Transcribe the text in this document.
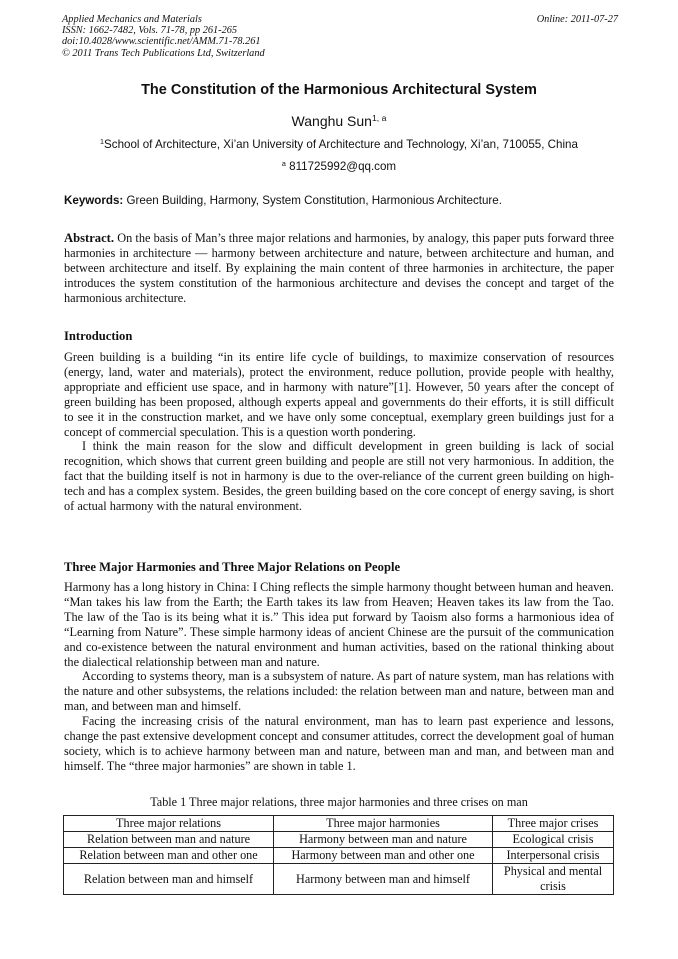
Applied Mechanics and Materials
ISSN: 1662-7482, Vols. 71-78, pp 261-265
doi:10.4028/www.scientific.net/AMM.71-78.261
© 2011 Trans Tech Publications Ltd, Switzerland
Online: 2011-07-27
The Constitution of the Harmonious Architectural System
Wanghu Sun$^{1, a}$
$^1$School of Architecture, Xi’an University of Architecture and Technology, Xi’an, 710055, China
$^a$ 811725992@qq.com
Keywords: Green Building, Harmony, System Constitution, Harmonious Architecture.

Abstract. On the basis of Man’s three major relations and harmonies, by analogy, this paper puts forward three harmonies in architecture — harmony between architecture and nature, between architecture and human, and between architecture and itself. By explaining the main content of three harmonies in architecture, the paper introduces the system constitution of the harmonious architecture and devises the concept and target of the harmonious architecture.

Introduction

Green building is a building “in its entire life cycle of buildings, to maximize conservation of resources (energy, land, water and materials), protect the environment, reduce pollution, provide people with healthy, appropriate and efficient use space, and in harmony with nature”[1]. However, 50 years after the concept of green building has been proposed, although experts appeal and governments do their efforts, it is still difficult to see it in the construction market, and we have only some conceptual, exemplary green buildings just for a concept of commercial speculation. This is a question worth pondering.

I think the main reason for the slow and difficult development in green building is lack of social recognition, which shows that current green building and people are still not very harmonious. In addition, the fact that the building itself is not in harmony is due to the over-reliance of the current green building on high-tech and has a complex system. Besides, the green building based on the core concept of energy saving, is short of actual harmony with the natural environment.

Three Major Harmonies and Three Major Relations on People

Harmony has a long history in China: I Ching reflects the simple harmony thought between human and heaven. “Man takes his law from the Earth; the Earth takes its law from Heaven; Heaven takes its law from the Tao. The law of the Tao is its being what it is.” This idea put forward by Taoism also forms a harmonious idea of “Learning from Nature”. These simple harmony ideas of ancient Chinese are the pursuit of the communication and co-existence between the natural environment and human activities, based on the rational thinking about the dialectical relationship between man and nature.

According to systems theory, man is a subsystem of nature. As part of nature system, man has relations with the nature and other subsystems, the relations included: the relation between man and nature, between man and man, and between man and himself.

Facing the increasing crisis of the natural environment, man has to learn past experience and lessons, change the past extensive development concept and consumer attitudes, correct the development goal of human society, which is to achieve harmony between man and nature, between man and man, and between man and himself. The “three major harmonies” are shown in table 1.

Table 1 Three major relations, three major harmonies and three crises on man
Three major relations	Three major harmonies	Three major crises
Relation between man and nature	Harmony between man and nature	Ecological crisis
Relation between man and other one	Harmony between man and other one	Interpersonal crisis
Relation between man and himself	Harmony between man and himself	Physical and mental crisis
